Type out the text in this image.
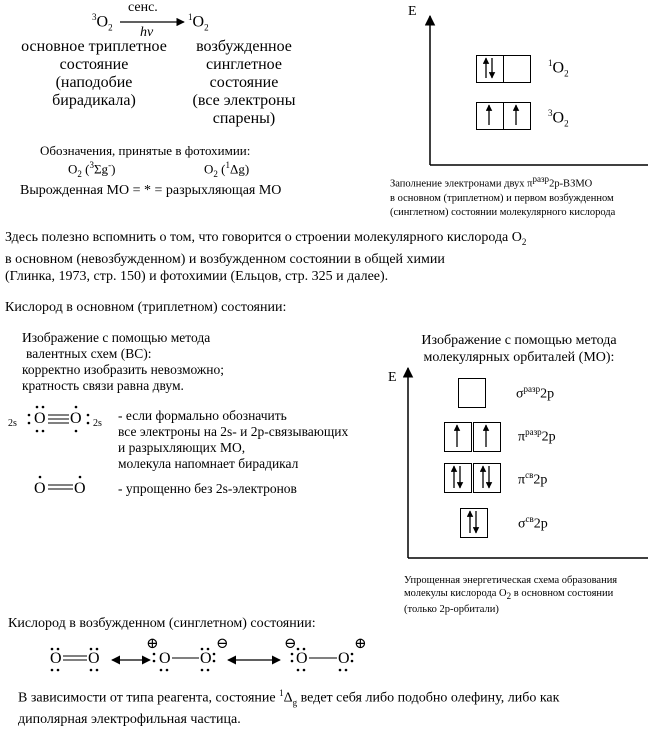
$^3O_2$
сенс.
hν
$^1O_2$
основное триплетное
состояние
(наподобие
бирадикала)
возбужденное
синглетное
состояние
(все электроны
спарены)
Обозначения, принятые в фотохимии:
$O_2$ ($^3$Σg-)	$O_2$ ($^1$Δg)
Вырожденная МО = * = разрыхляющая МО
E
$^1O_2$
$^3O_2$
Заполнение электронами двух $\pi^{разр}2p$-ВЗМО
в основном (триплетном) и первом возбужденном
(синглетном) состоянии молекулярного кислорода
Здесь полезно вспомнить о том, что говорится о строении молекулярного кислорода $O_2$
в основном (невозбужденном) и возбужденном состоянии в общей химии
(Глинка, 1973, стр. 150) и фотохимии (Ельцов, стр. 325 и далее).
Кислород в основном (триплетном) состоянии:
Изображение с помощью метода
валентных схем (ВС):
корректно изобразить невозможно;
кратность связи равна двум.
2s	2s
O O	- если формально обозначить
все электроны на 2s- и 2p-связывающих
и разрыхляющих МО,
молекула напомнает бирадикал
O O - упрощенно без 2s-электронов
Изображение с помощью метода
молекулярных орбиталей (МО):
E
$\sigma^{разр}2p$
$\pi^{разр}2p$
$\pi^{св}2p$
$\sigma^{св}2p$
Упрощенная энергетическая схема образования
молекулы кислорода $O_2$ в основном состоянии
(только 2p-орбитали)
Кислород в возбужденном (синглетном) состоянии:
O O	O O	O O
⊕	⊖	⊖	⊕
В зависимости от типа реагента, состояние $^1\Delta_g$ ведет себя либо подобно олефину, либо как
диполярная электрофильная частица.
